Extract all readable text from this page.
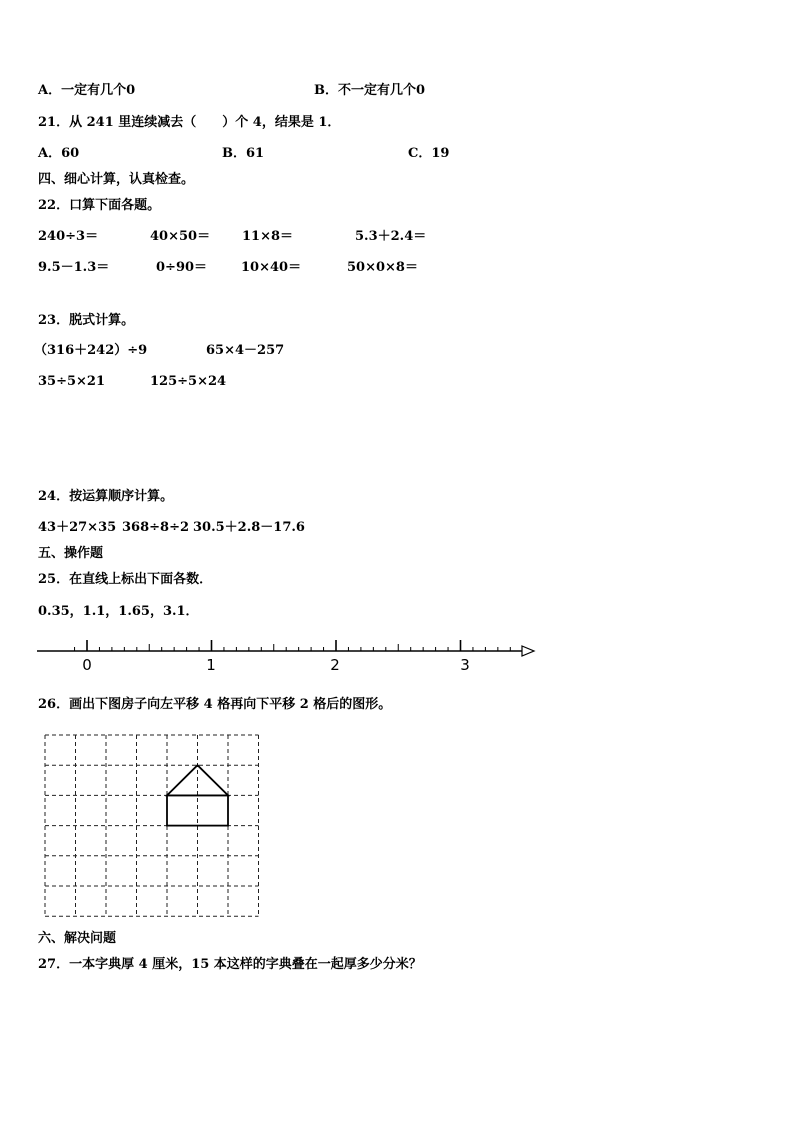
A．一定有几个0	B．不一定有几个0
21．从 241 里连续减去（　　）个 4，结果是 1．
A．60	B．61	C．19
四、细心计算，认真检查。
22．口算下面各题。
240÷3＝	40×50＝ 11×8＝	5.3＋2.4＝
9.5－1.3＝	0÷90＝	10×40＝	50×0×8＝
23．脱式计算。
（316＋242）÷9	65×4－257
35÷5×21	125÷5×24
24．按运算顺序计算。
43＋27×35 368÷8÷2 30.5＋2.8－17.6
五、操作题
25．在直线上标出下面各数．
0.35，1.1，1.65，3.1．
0	1	2	3
26．画出下图房子向左平移 4 格再向下平移 2 格后的图形。
六、解决问题
27．一本字典厚 4 厘米，15 本这样的字典叠在一起厚多少分米？
